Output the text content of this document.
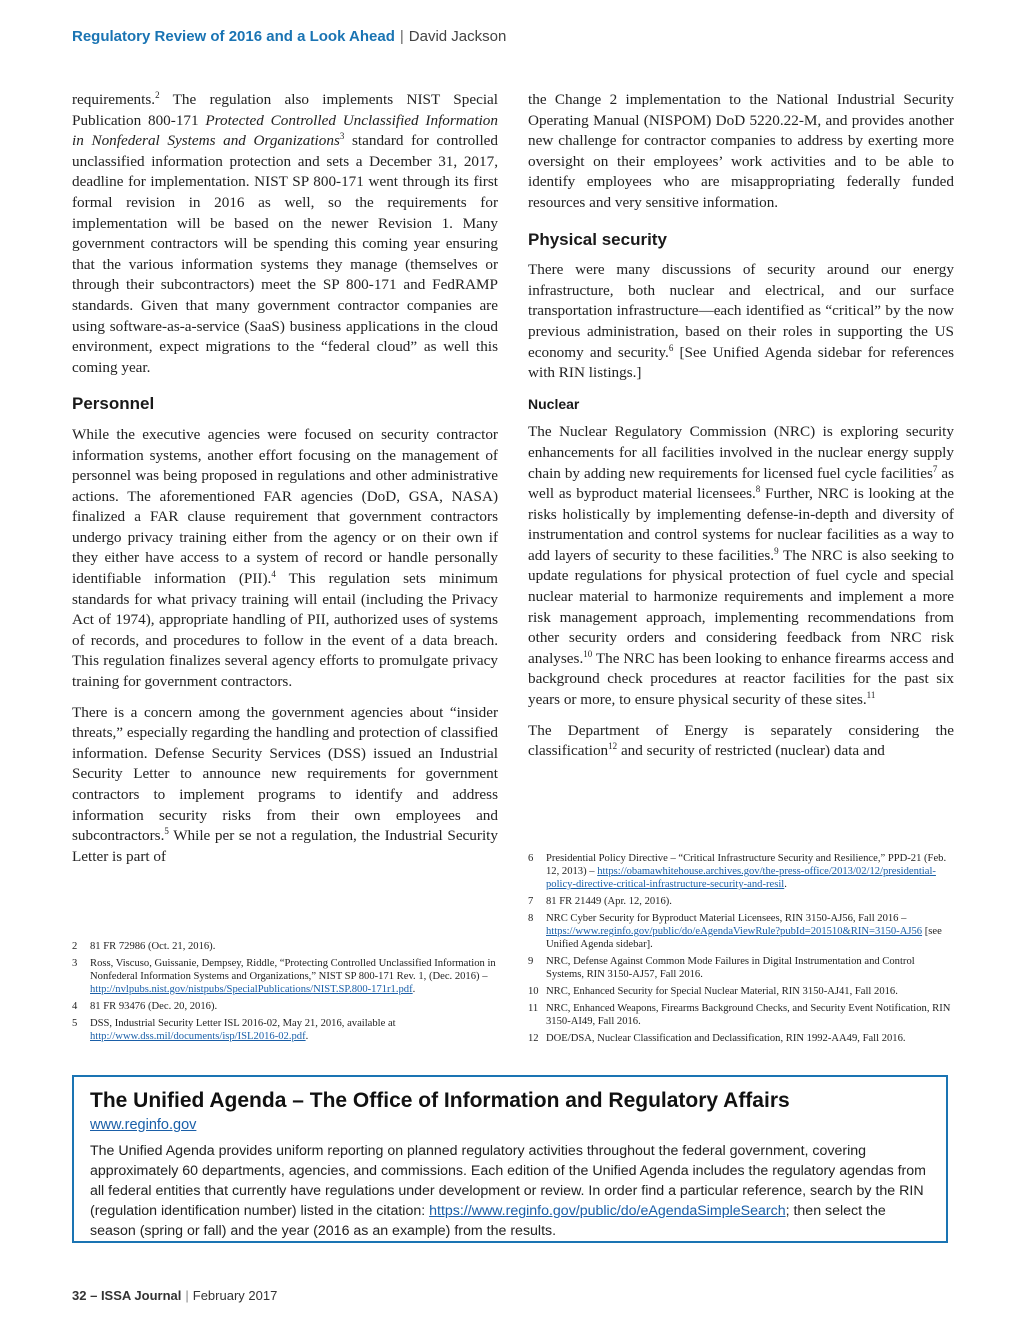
Regulatory Review of 2016 and a Look Ahead | David Jackson

requirements.$^2$ The regulation also implements NIST Special Publication 800-171 Protected Controlled Unclassified Information in Nonfederal Systems and Organizations$^3$ standard for controlled unclassified information protection and sets a December 31, 2017, deadline for implementation. NIST SP 800-171 went through its first formal revision in 2016 as well, so the requirements for implementation will be based on the newer Revision 1. Many government contractors will be spending this coming year ensuring that the various information systems they manage (themselves or through their subcontractors) meet the SP 800-171 and FedRAMP standards. Given that many government contractor companies are using software-as-a-service (SaaS) business applications in the cloud environment, expect migrations to the “federal cloud” as well this coming year.

Personnel

While the executive agencies were focused on security contractor information systems, another effort focusing on the management of personnel was being proposed in regulations and other administrative actions. The aforementioned FAR agencies (DoD, GSA, NASA) finalized a FAR clause requirement that government contractors undergo privacy training either from the agency or on their own if they either have access to a system of record or handle personally identifiable information (PII).$^4$ This regulation sets minimum standards for what privacy training will entail (including the Privacy Act of 1974), appropriate handling of PII, authorized uses of systems of records, and procedures to follow in the event of a data breach. This regulation finalizes several agency efforts to promulgate privacy training for government contractors.

There is a concern among the government agencies about “insider threats,” especially regarding the handling and protection of classified information. Defense Security Services (DSS) issued an Industrial Security Letter to announce new requirements for government contractors to implement programs to identify and address information security risks from their own employees and subcontractors.$^5$ While per se not a regulation, the Industrial Security Letter is part of

the Change 2 implementation to the National Industrial Security Operating Manual (NISPOM) DoD 5220.22-M, and provides another new challenge for contractor companies to address by exerting more oversight on their employees’ work activities and to be able to identify employees who are misappropriating federally funded resources and very sensitive information.

Physical security

There were many discussions of security around our energy infrastructure, both nuclear and electrical, and our surface transportation infrastructure—each identified as “critical” by the now previous administration, based on their roles in supporting the US economy and security.$^6$ [See Unified Agenda sidebar for references with RIN listings.]

Nuclear

The Nuclear Regulatory Commission (NRC) is exploring security enhancements for all facilities involved in the nuclear energy supply chain by adding new requirements for licensed fuel cycle facilities$^7$ as well as byproduct material licensees.$^8$ Further, NRC is looking at the risks holistically by implementing defense-in-depth and diversity of instrumentation and control systems for nuclear facilities as a way to add layers of security to these facilities.$^9$ The NRC is also seeking to update regulations for physical protection of fuel cycle and special nuclear material to harmonize requirements and implement a more risk management approach, implementing recommendations from other security orders and considering feedback from NRC risk analyses.$^{10}$ The NRC has been looking to enhance firearms access and background check procedures at reactor facilities for the past six years or more, to ensure physical security of these sites.$^{11}$

The Department of Energy is separately considering the classification$^{12}$ and security of restricted (nuclear) data and

2	81 FR 72986 (Oct. 21, 2016).
3	Ross, Viscuso, Guissanie, Dempsey, Riddle, “Protecting Controlled Unclassified Information in Nonfederal Information Systems and Organizations,” NIST SP 800-171 Rev. 1, (Dec. 2016) – http://nvlpubs.nist.gov/nistpubs/SpecialPublications/NIST.SP.800-171r1.pdf.
4	81 FR 93476 (Dec. 20, 2016).
5	DSS, Industrial Security Letter ISL 2016-02, May 21, 2016, available at http://www.dss.mil/documents/isp/ISL2016-02.pdf.
6	Presidential Policy Directive – “Critical Infrastructure Security and Resilience,” PPD-21 (Feb. 12, 2013) – https://obamawhitehouse.archives.gov/the-press-office/2013/02/12/presidential-policy-directive-critical-infrastructure-security-and-resil.
7	81 FR 21449 (Apr. 12, 2016).
8	NRC Cyber Security for Byproduct Material Licensees, RIN 3150-AJ56, Fall 2016 – https://www.reginfo.gov/public/do/eAgendaViewRule?pubId=201510&RIN=3150-AJ56 [see Unified Agenda sidebar].
9	NRC, Defense Against Common Mode Failures in Digital Instrumentation and Control Systems, RIN 3150-AJ57, Fall 2016.
10 NRC, Enhanced Security for Special Nuclear Material, RIN 3150-AJ41, Fall 2016.
11 NRC, Enhanced Weapons, Firearms Background Checks, and Security Event Notification, RIN 3150-AI49, Fall 2016.
12 DOE/DSA, Nuclear Classification and Declassification, RIN 1992-AA49, Fall 2016.
The Unified Agenda – The Office of Information and Regulatory Affairs
www.reginfo.gov

The Unified Agenda provides uniform reporting on planned regulatory activities throughout the federal government, covering approximately 60 departments, agencies, and commissions. Each edition of the Unified Agenda includes the regulatory agendas from all federal entities that currently have regulations under development or review. In order find a particular reference, search by the RIN (regulation identification number) listed in the citation: https://www.reginfo.gov/public/do/eAgendaSimpleSearch; then select the season (spring or fall) and the year (2016 as an example) from the results.

32 – ISSA Journal | February 2017
